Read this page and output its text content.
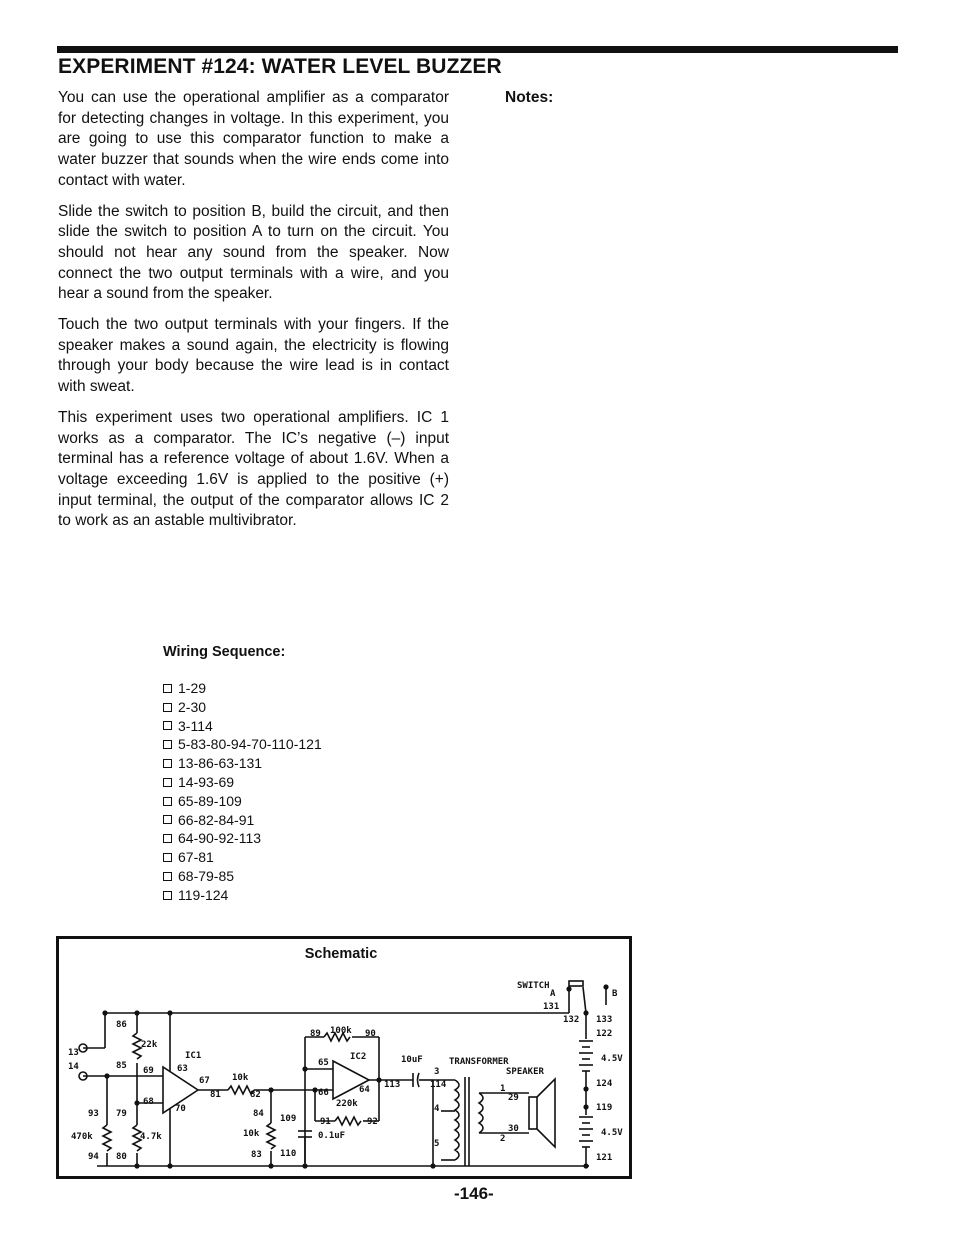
EXPERIMENT #124: WATER LEVEL BUZZER

You can use the operational amplifier as a comparator for detecting changes in voltage. In this experiment, you are going to use this comparator function to make a water buzzer that sounds when the wire ends come into contact with water.

Slide the switch to position B, build the circuit, and then slide the switch to position A to turn on the circuit. You should not hear any sound from the speaker. Now connect the two output terminals with a wire, and you hear a sound from the speaker.

Touch the two output terminals with your fingers. If the speaker makes a sound again, the electricity is flowing through your body because the wire lead is in contact with sweat.

This experiment uses two operational amplifiers. IC 1 works as a comparator. The IC’s negative (–) input terminal has a reference voltage of about 1.6V. When a voltage exceeding 1.6V is applied to the positive (+) input terminal, the output of the comparator allows IC 2 to work as an astable multivibrator.

Notes:
Wiring Sequence:
1-29
2-30
3-114
5-83-80-94-70-110-121
13-86-63-131
14-93-69
65-89-109
66-82-84-91
64-90-92-113
67-81
68-79-85
119-124
Schematic
SWITCH
A	B
131
132 133
122
4.5V
124
119
4.5V
121
86
22k
13
85
14
IC1
69	63
67 10k
68
70
81	82
93 79
470k	4.7k
94 80
89 100k 90
IC2
65
66	64
220k
91	92
84
10k
83
109
0.1uF
110
10uF	TRANSFORMER
SPEAKER
113
3
114
4
5
1
29
30
2
-146-
